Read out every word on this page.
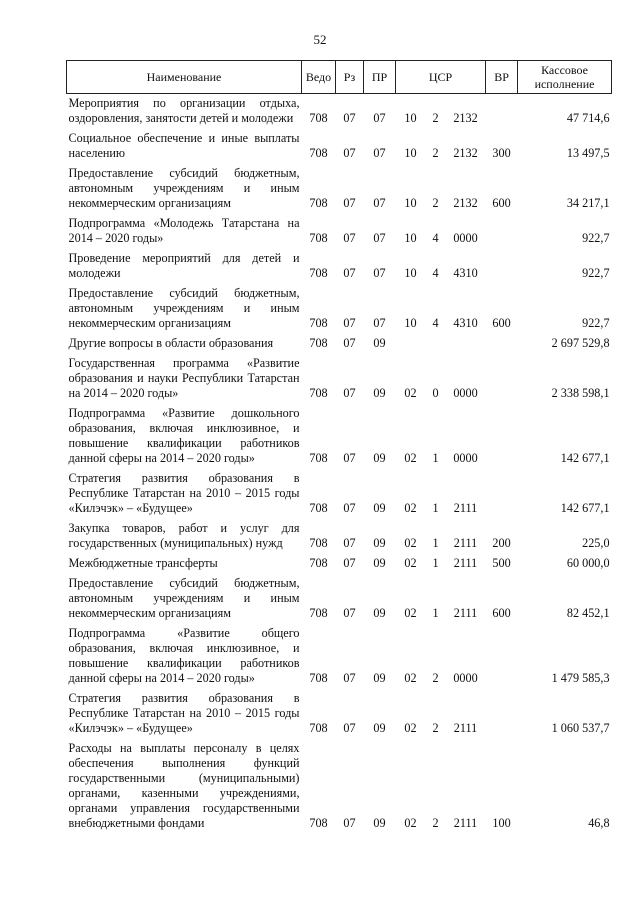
52
Наименование	Ведо	Рз	ПР	ЦСР			ВР	Кассовое исполнение
Мероприятия по организации отдыха, оздоровления, занятости детей и молодежи	708	07	07	10	2	2132		47 714,6
Социальное обеспечение и иные выплаты населению	708	07	07	10	2	2132	300	13 497,5
Предоставление субсидий бюджетным, автономным учреждениям и иным некоммерческим организациям	708	07	07	10	2	2132	600	34 217,1
Подпрограмма «Молодежь Татарстана на 2014 – 2020 годы»	708	07	07	10	4	0000		922,7
Проведение мероприятий для детей и молодежи	708	07	07	10	4	4310		922,7
Предоставление субсидий бюджетным, автономным учреждениям и иным некоммерческим организациям	708	07	07	10	4	4310	600	922,7
Другие вопросы в области образования	708	07	09					2 697 529,8
Государственная программа «Развитие образования и науки Республики Татарстан на 2014 – 2020 годы»	708	07	09	02	0	0000		2 338 598,1
Подпрограмма «Развитие дошкольного образования, включая инклюзивное, и повышение квалификации работников данной сферы на 2014 – 2020 годы»	708	07	09	02	1	0000		142 677,1
Стратегия развития образования в Республике Татарстан на 2010 – 2015 годы «Килэчэк» – «Будущее»	708	07	09	02	1	2111		142 677,1
Закупка товаров, работ и услуг для государственных (муниципальных) нужд	708	07	09	02	1	2111	200	225,0
Межбюджетные трансферты	708	07	09	02	1	2111	500	60 000,0
Предоставление субсидий бюджетным, автономным учреждениям и иным некоммерческим организациям	708	07	09	02	1	2111	600	82 452,1
Подпрограмма «Развитие общего образования, включая инклюзивное, и повышение квалификации работников данной сферы на 2014 – 2020 годы»	708	07	09	02	2	0000		1 479 585,3
Стратегия развития образования в Республике Татарстан на 2010 – 2015 годы «Килэчэк» – «Будущее»	708	07	09	02	2	2111		1 060 537,7
Расходы на выплаты персоналу в целях обеспечения выполнения функций государственными (муниципальными) органами, казенными учреждениями, органами управления государственными внебюджетными фондами	708	07	09	02	2	2111	100	46,8
